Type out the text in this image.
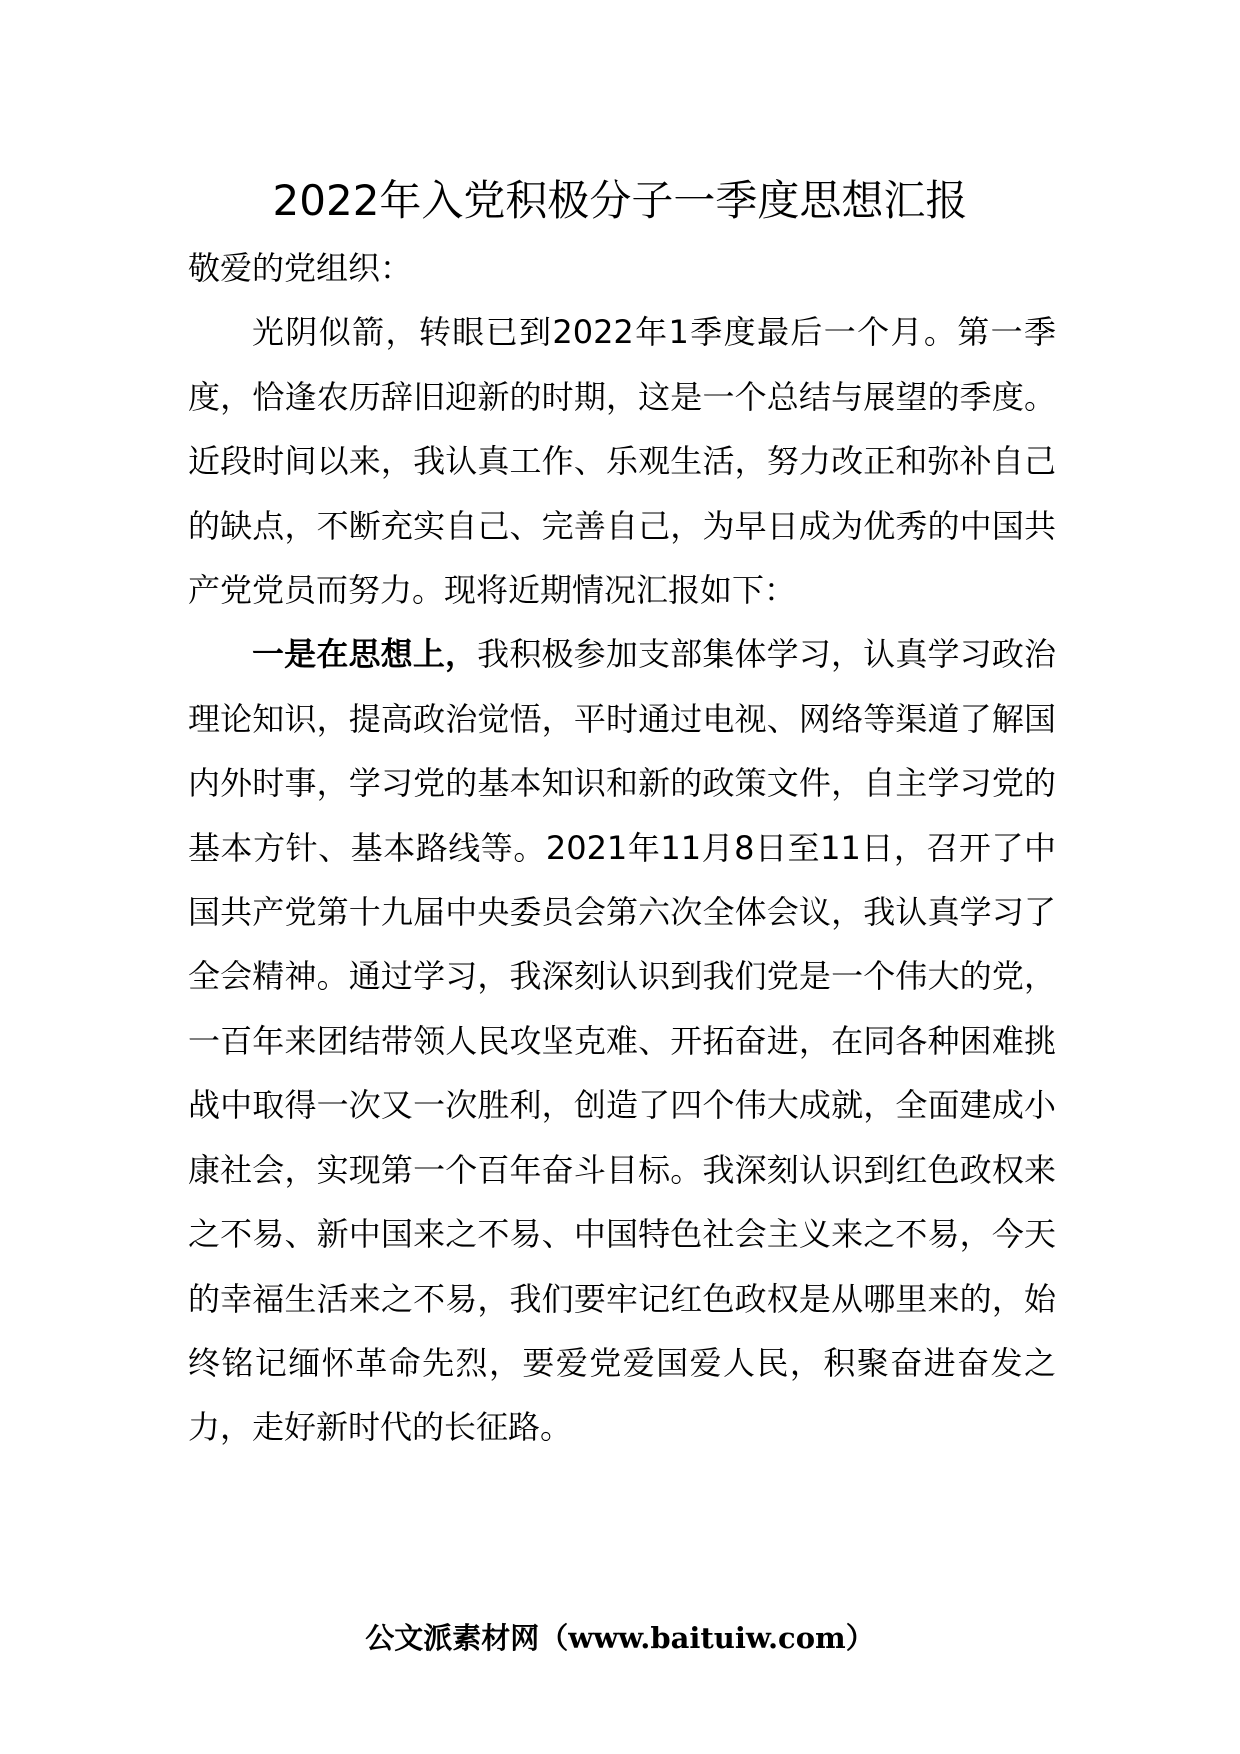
2022年入党积极分子一季度思想汇报

敬爱的党组织：

光阴似箭，转眼已到2022年1季度最后一个月。第一季度，恰逢农历辞旧迎新的时期，这是一个总结与展望的季度。近段时间以来，我认真工作、乐观生活，努力改正和弥补自己的缺点，不断充实自己、完善自己，为早日成为优秀的中国共产党党员而努力。现将近期情况汇报如下：

一是在思想上，我积极参加支部集体学习，认真学习政治理论知识，提高政治觉悟，平时通过电视、网络等渠道了解国内外时事，学习党的基本知识和新的政策文件，自主学习党的基本方针、基本路线等。2021年11月8日至11日，召开了中国共产党第十九届中央委员会第六次全体会议，我认真学习了全会精神。通过学习，我深刻认识到我们党是一个伟大的党，一百年来团结带领人民攻坚克难、开拓奋进，在同各种困难挑战中取得一次又一次胜利，创造了四个伟大成就，全面建成小康社会，实现第一个百年奋斗目标。我深刻认识到红色政权来之不易、新中国来之不易、中国特色社会主义来之不易，今天的幸福生活来之不易，我们要牢记红色政权是从哪里来的，始终铭记缅怀革命先烈，要爱党爱国爱人民，积聚奋进奋发之力，走好新时代的长征路。

公文派素材网（www.baituiw.com）
